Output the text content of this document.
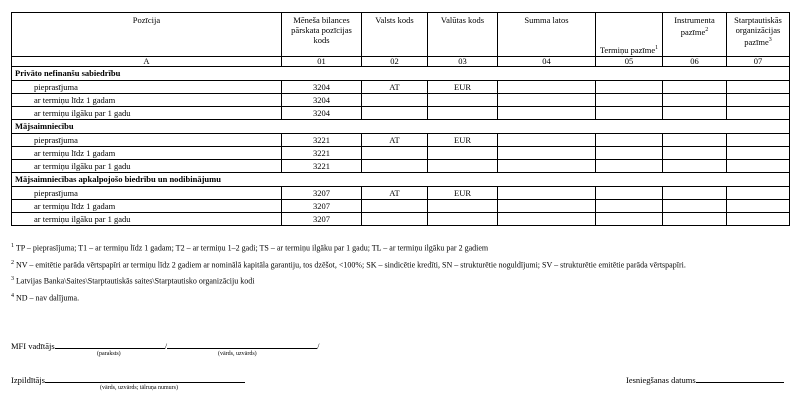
Pozīcija	Mēneša bilances pārskata pozīcijas kods	Valsts kods	Valūtas kods	Summa latos	Termiņu pazīme$^1$	Instrumenta pazīme$^2$	Starptautiskās organizācijas pazīme$^3$
A	01	02	03	04	05	06	07
Privāto nefinanšu sabiedrību							
pieprasījuma	3204	AT	EUR				
ar termiņu līdz 1 gadam	3204						
ar termiņu ilgāku par 1 gadu	3204						
Mājsaimniecību							
pieprasījuma	3221	AT	EUR				
ar termiņu līdz 1 gadam	3221						
ar termiņu ilgāku par 1 gadu	3221						
Mājsaimniecības apkalpojošo biedrību un nodibinājumu							
pieprasījuma	3207	AT	EUR				
ar termiņu līdz 1 gadam	3207						
ar termiņu ilgāku par 1 gadu	3207						

$^1$ TP – pieprasījuma; T1 – ar termiņu līdz 1 gadam; T2 – ar termiņu 1–2 gadi; TS – ar termiņu ilgāku par 1 gadu; TL – ar termiņu ilgāku par 2 gadiem

$^2$ NV – emitētie parāda vērtspapīri ar termiņu līdz 2 gadiem ar nominālā kapitāla garantiju, tos dzēšot, <100%; SK – sindicētie kredīti, SN – strukturētie noguldījumi; SV – strukturētie emitētie parāda vērtspapīri.

$^3$ Latvijas Banka\Saites\Starptautiskās saites\Starptautisko organizāciju kodi

$^4$ ND – nav dalījuma.

MFI vadītājs	/	/
(paraksts)	(vārds, uzvārds)
Izpildītājs
(vārds, uzvārds; tālruņa numurs)
Iesniegšanas datums
